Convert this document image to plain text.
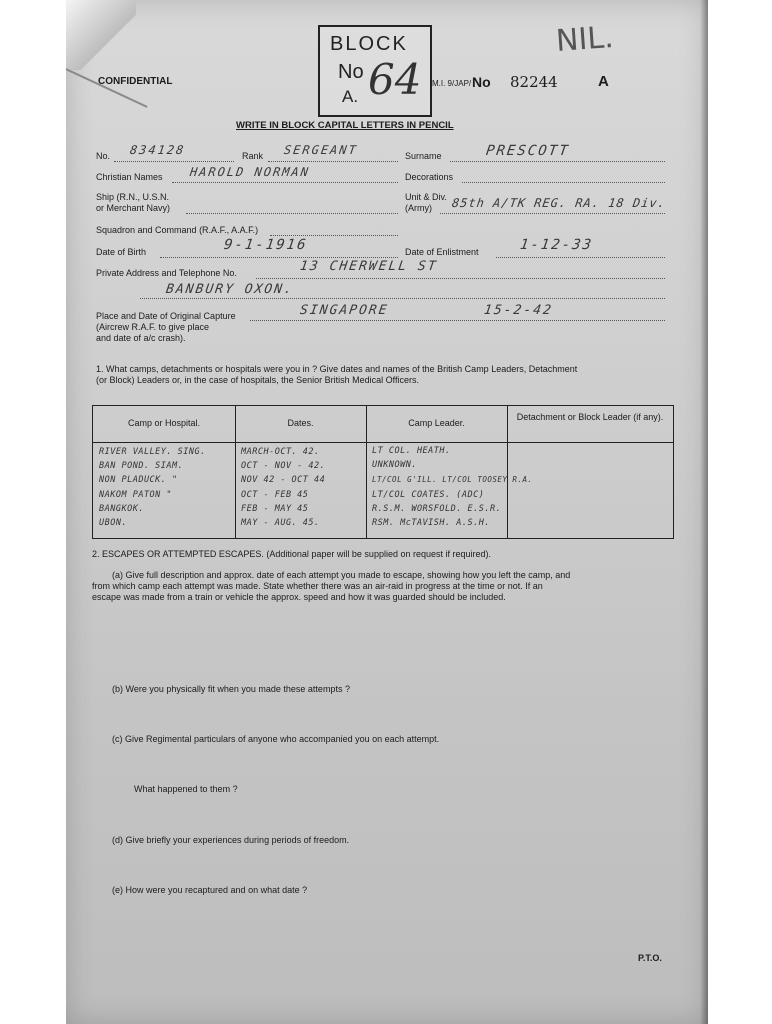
CONFIDENTIAL
BLOCK
No
A. 64 M.I. 9/JAP/ No 82244	A
NIL.
WRITE IN BLOCK CAPITAL LETTERS IN PENCIL
No. 834128	Rank SERGEANT	Surname	PRESCOTT
Christian Names HAROLD NORMAN	Decorations
Ship (R.N., U.S.N.
or Merchant Navy)
Unit & Div.
(Army) 85th A/TK REG. RA. 18 Div.
Squadron and Command (R.A.F., A.A.F.)
Date of Birth	9-1-1916	Date of Enlistment	1-12-33
Private Address and Telephone No.	13 CHERWELL ST
BANBURY OXON.
Place and Date of Original Capture
(Aircrew R.A.F. to give place
and date of a/c crash).
SINGAPORE	15-2-42
1. What camps, detachments or hospitals were you in ? Give dates and names of the British Camp Leaders, Detachment
(or Block) Leaders or, in the case of hospitals, the Senior British Medical Officers.
Camp or Hospital.	Dates.	Camp Leader.
Detachment or Block Leader (if any).
RIVER VALLEY. SING.	MARCH-OCT. 42.	LT COL. HEATH.
BAN POND. SIAM.	OCT - NOV - 42.	UNKNOWN.
NON PLADUCK. "	NOV 42 - OCT 44	LT/COL G'ILL. LT/COL TOOSEY R.A.
NAKOM PATON "	OCT - FEB 45	LT/COL COATES. (ADC)
BANGKOK.	FEB - MAY 45	R.S.M. WORSFOLD. E.S.R.
UBON.	MAY - AUG. 45.	RSM. McTAVISH. A.S.H.
2. ESCAPES OR ATTEMPTED ESCAPES. (Additional paper will be supplied on request if required).
(a) Give full description and approx. date of each attempt you made to escape, showing how you left the camp, and
from which camp each attempt was made. State whether there was an air-raid in progress at the time or not. If an
escape was made from a train or vehicle the approx. speed and how it was guarded should be included.
(b) Were you physically fit when you made these attempts ?
(c) Give Regimental particulars of anyone who accompanied you on each attempt.
What happened to them ?
(d) Give briefly your experiences during periods of freedom.
(e) How were you recaptured and on what date ?
P.T.O.
